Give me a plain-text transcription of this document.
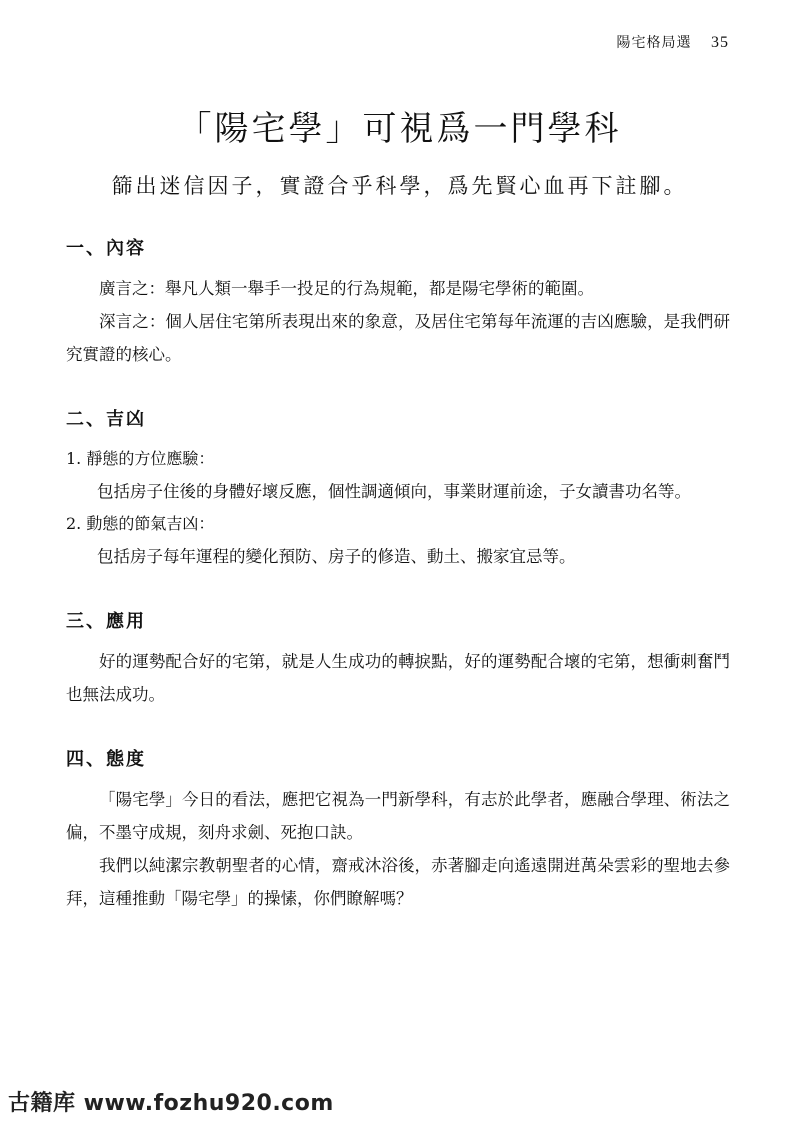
陽宅格局選 35
「陽宅學」可視爲一門學科
篩出迷信因子，實證合乎科學，爲先賢心血再下註腳。
一、內容

廣言之：舉凡人類一舉手一投足的行為規範，都是陽宅學術的範圍。

深言之：個人居住宅第所表現出來的象意，及居住宅第每年流運的吉凶應驗，是我們研究實證的核心。

二、吉凶
1. 靜態的方位應驗：
包括房子住後的身體好壞反應，個性調適傾向，事業財運前途，子女讀書功名等。
2. 動態的節氣吉凶：
包括房子每年運程的變化預防、房子的修造、動土、搬家宜忌等。
三、應用

好的運勢配合好的宅第，就是人生成功的轉捩點，好的運勢配合壞的宅第，想衝刺奮鬥也無法成功。

四、態度

「陽宅學」今日的看法，應把它視為一門新學科，有志於此學者，應融合學理、術法之偏，不墨守成規，刻舟求劍、死抱口訣。

我們以純潔宗教朝聖者的心情，齋戒沐浴後，赤著腳走向遙遠開逬萬朵雲彩的聖地去參拜，這種推動「陽宅學」的操愫，你們瞭解嗎？

古籍库 www.fozhu920.com
